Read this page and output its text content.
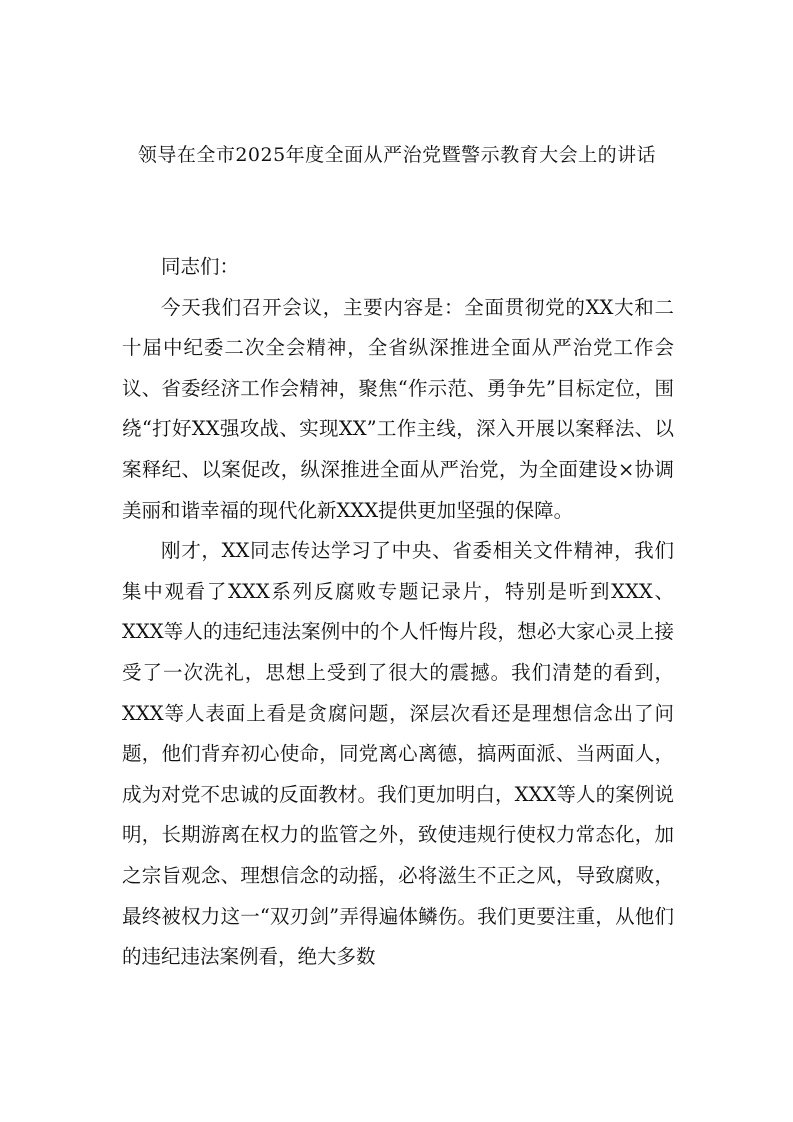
领导在全市2025年度全面从严治党暨警示教育大会上的讲话

同志们：

今天我们召开会议，主要内容是：全面贯彻党的XX大和二十届中纪委二次全会精神，全省纵深推进全面从严治党工作会议、省委经济工作会精神，聚焦“作示范、勇争先”目标定位，围绕“打好XX强攻战、实现XX”工作主线，深入开展以案释法、以案释纪、以案促改，纵深推进全面从严治党，为全面建设×协调美丽和谐幸福的现代化新XXX提供更加坚强的保障。

刚才，XX同志传达学习了中央、省委相关文件精神，我们集中观看了XXX系列反腐败专题记录片，特别是听到XXX、XXX等人的违纪违法案例中的个人忏悔片段，想必大家心灵上接受了一次洗礼，思想上受到了很大的震撼。我们清楚的看到，XXX等人表面上看是贪腐问题，深层次看还是理想信念出了问题，他们背弃初心使命，同党离心离德，搞两面派、当两面人，成为对党不忠诚的反面教材。我们更加明白，XXX等人的案例说明，长期游离在权力的监管之外，致使违规行使权力常态化，加之宗旨观念、理想信念的动摇，必将滋生不正之风，导致腐败，最终被权力这一“双刃剑”弄得遍体鳞伤。我们更要注重，从他们的违纪违法案例看，绝大多数
